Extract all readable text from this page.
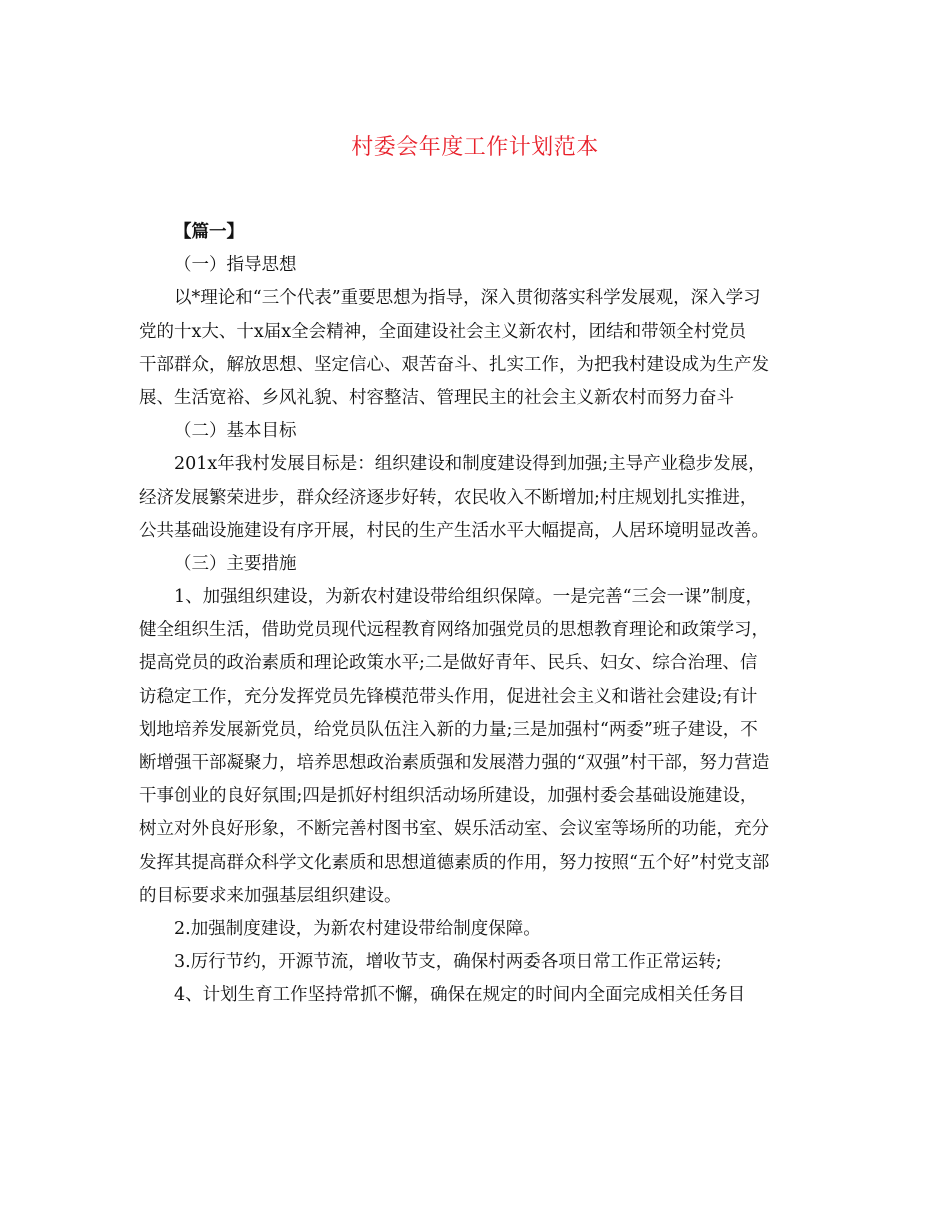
村委会年度工作计划范本
【篇一】
（一）指导思想
以*理论和“三个代表”重要思想为指导，深入贯彻落实科学发展观，深入学习
党的十x大、十x届x全会精神，全面建设社会主义新农村，团结和带领全村党员
干部群众，解放思想、坚定信心、艰苦奋斗、扎实工作，为把我村建设成为生产发
展、生活宽裕、乡风礼貌、村容整洁、管理民主的社会主义新农村而努力奋斗
（二）基本目标
201x年我村发展目标是：组织建设和制度建设得到加强;主导产业稳步发展，
经济发展繁荣进步，群众经济逐步好转，农民收入不断增加;村庄规划扎实推进，
公共基础设施建设有序开展，村民的生产生活水平大幅提高，人居环境明显改善。
（三）主要措施
1、加强组织建设，为新农村建设带给组织保障。一是完善“三会一课”制度，
健全组织生活，借助党员现代远程教育网络加强党员的思想教育理论和政策学习，
提高党员的政治素质和理论政策水平;二是做好青年、民兵、妇女、综合治理、信
访稳定工作，充分发挥党员先锋模范带头作用，促进社会主义和谐社会建设;有计
划地培养发展新党员，给党员队伍注入新的力量;三是加强村“两委”班子建设，不
断增强干部凝聚力，培养思想政治素质强和发展潜力强的“双强”村干部，努力营造
干事创业的良好氛围;四是抓好村组织活动场所建设，加强村委会基础设施建设，
树立对外良好形象，不断完善村图书室、娱乐活动室、会议室等场所的功能，充分
发挥其提高群众科学文化素质和思想道德素质的作用，努力按照“五个好”村党支部
的目标要求来加强基层组织建设。
2.加强制度建设，为新农村建设带给制度保障。
3.厉行节约，开源节流，增收节支，确保村两委各项日常工作正常运转;
4、计划生育工作坚持常抓不懈，确保在规定的时间内全面完成相关任务目
